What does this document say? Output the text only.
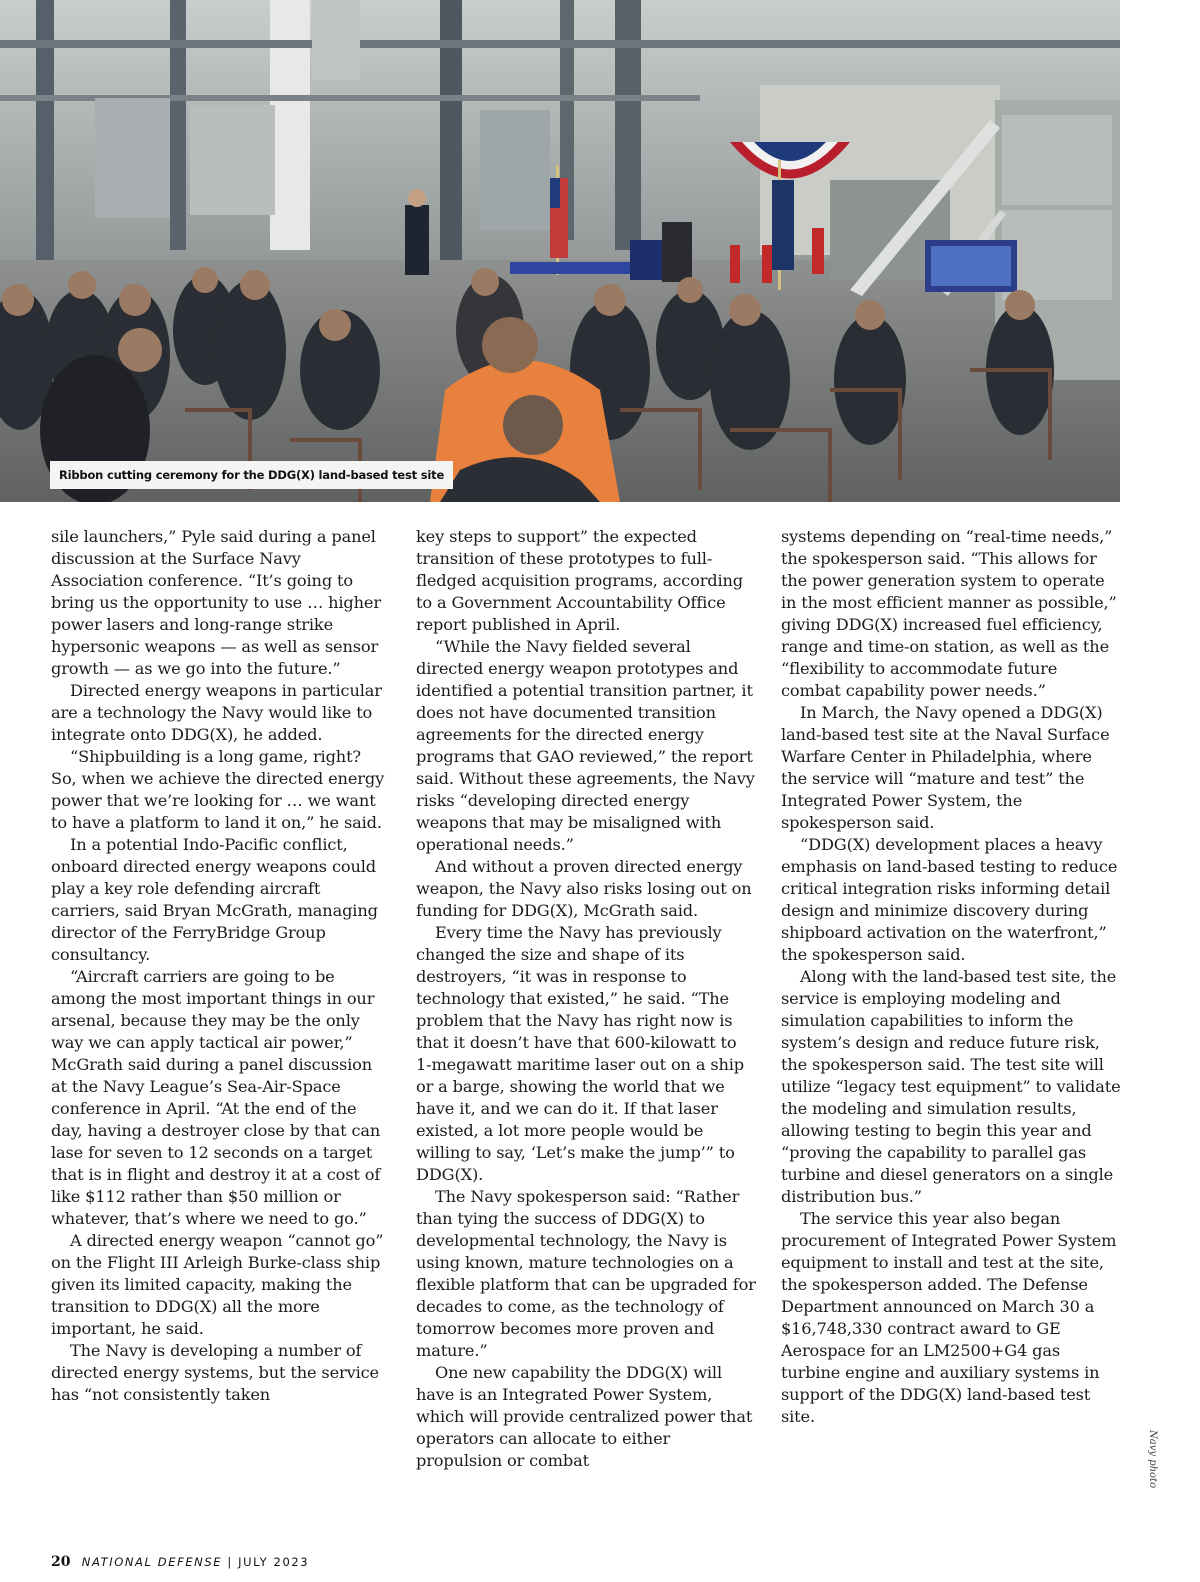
Ribbon cutting ceremony for the DDG(X) land-based test site

sile launchers,” Pyle said during a panel discussion at the Surface Navy Association conference. “It’s going to bring us the opportunity to use … higher power lasers and long-range strike hypersonic weapons — as well as sensor growth — as we go into the future.”

Directed energy weapons in particular are a technology the Navy would like to integrate onto DDG(X), he added.

“Shipbuilding is a long game, right? So, when we achieve the directed energy power that we’re looking for … we want to have a platform to land it on,” he said.

In a potential Indo-Pacific conflict, onboard directed energy weapons could play a key role defending aircraft carriers, said Bryan McGrath, managing director of the FerryBridge Group consultancy.

“Aircraft carriers are going to be among the most important things in our arsenal, because they may be the only way we can apply tactical air power,” McGrath said during a panel discussion at the Navy League’s Sea-Air-Space conference in April. “At the end of the day, having a destroyer close by that can lase for seven to 12 seconds on a target that is in flight and destroy it at a cost of like $112 rather than $50 million or whatever, that’s where we need to go.”

A directed energy weapon “cannot go” on the Flight III Arleigh Burke-class ship given its limited capacity, making the transition to DDG(X) all the more important, he said.

The Navy is developing a number of directed energy systems, but the service has “not consistently taken

key steps to support” the expected transition of these prototypes to full-fledged acquisition programs, according to a Government Accountability Office report published in April.

“While the Navy fielded several directed energy weapon prototypes and identified a potential transition partner, it does not have documented transition agreements for the directed energy programs that GAO reviewed,” the report said. Without these agreements, the Navy risks “developing directed energy weapons that may be misaligned with operational needs.”

And without a proven directed energy weapon, the Navy also risks losing out on funding for DDG(X), McGrath said.

Every time the Navy has previously changed the size and shape of its destroyers, “it was in response to technology that existed,” he said. “The problem that the Navy has right now is that it doesn’t have that 600-kilowatt to 1-megawatt maritime laser out on a ship or a barge, showing the world that we have it, and we can do it. If that laser existed, a lot more people would be willing to say, ‘Let’s make the jump’” to DDG(X).

The Navy spokesperson said: “Rather than tying the success of DDG(X) to developmental technology, the Navy is using known, mature technologies on a flexible platform that can be upgraded for decades to come, as the technology of tomorrow becomes more proven and mature.”

One new capability the DDG(X) will have is an Integrated Power System, which will provide centralized power that operators can allocate to either propulsion or combat

systems depending on “real-time needs,” the spokesperson said. “This allows for the power generation system to operate in the most efficient manner as possible,” giving DDG(X) increased fuel efficiency, range and time-on station, as well as the “flexibility to accommodate future combat capability power needs.”

In March, the Navy opened a DDG(X) land-based test site at the Naval Surface Warfare Center in Philadelphia, where the service will “mature and test” the Integrated Power System, the spokesperson said.

“DDG(X) development places a heavy emphasis on land-based testing to reduce critical integration risks informing detail design and minimize discovery during shipboard activation on the waterfront,” the spokesperson said.

Along with the land-based test site, the service is employing modeling and simulation capabilities to inform the system’s design and reduce future risk, the spokesperson said. The test site will utilize “legacy test equipment” to validate the modeling and simulation results, allowing testing to begin this year and “proving the capability to parallel gas turbine and diesel generators on a single distribution bus.”

The service this year also began procurement of Integrated Power System equipment to install and test at the site, the spokesperson added. The Defense Department announced on March 30 a $16,748,330 contract award to GE Aerospace for an LM2500+G4 gas turbine engine and auxiliary systems in support of the DDG(X) land-based test site.

Navy photo
20 NATIONAL DEFENSE | JULY 2023
